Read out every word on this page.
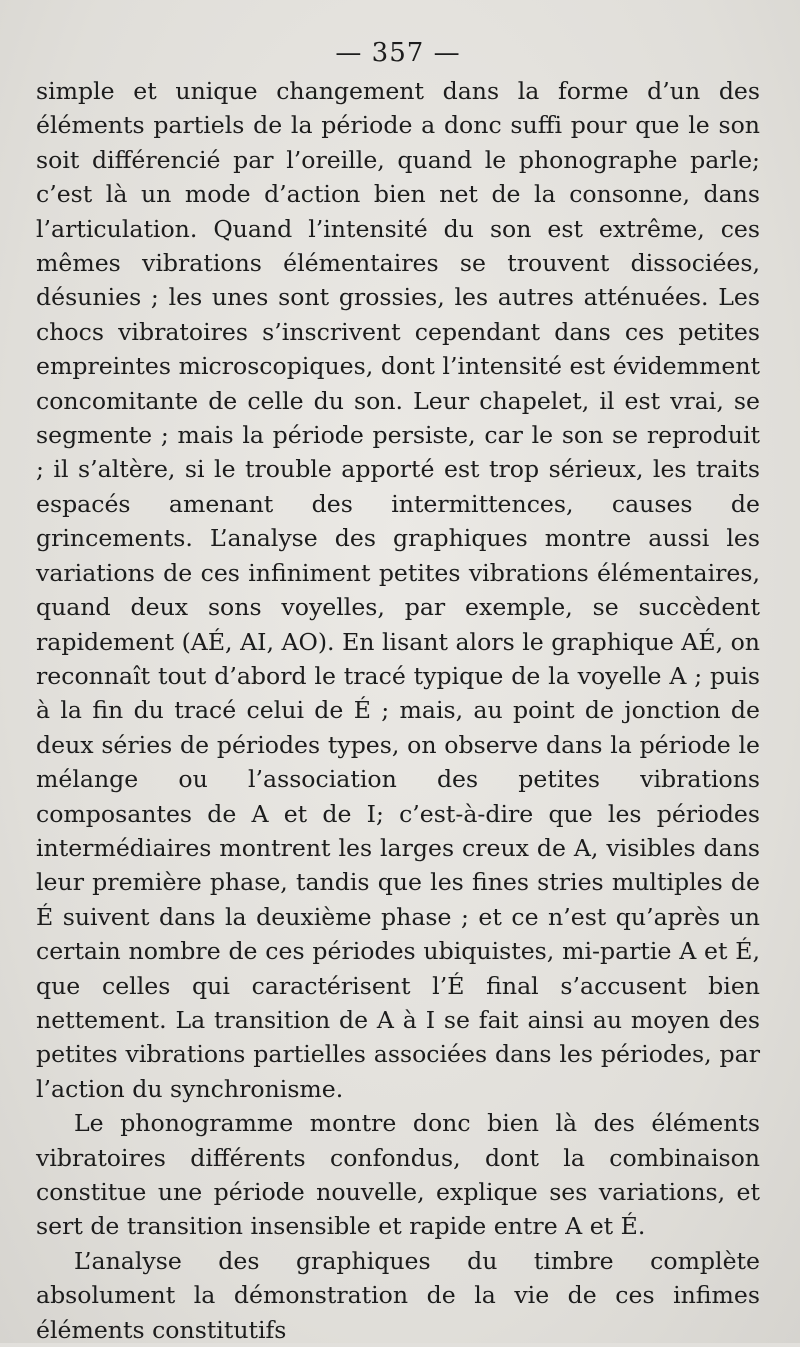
— 357 —

simple et unique changement dans la forme d’un des éléments partiels de la période a donc suffi pour que le son soit différencié par l’oreille, quand le phonographe parle; c’est là un mode d’action bien net de la consonne, dans l’articulation. Quand l’intensité du son est extrême, ces mêmes vibrations élémentaires se trouvent dissociées, désunies ; les unes sont grossies, les autres atténuées. Les chocs vibratoires s’inscrivent cependant dans ces petites empreintes microscopiques, dont l’intensité est évidemment concomitante de celle du son. Leur chapelet, il est vrai, se segmente ; mais la période persiste, car le son se reproduit ; il s’altère, si le trouble apporté est trop sérieux, les traits espacés amenant des intermittences, causes de grincements. L’analyse des graphiques montre aussi les variations de ces infiniment petites vibrations élémentaires, quand deux sons voyelles, par exemple, se succèdent rapidement (AÉ, AI, AO). En lisant alors le graphique AÉ, on reconnaît tout d’abord le tracé typique de la voyelle A ; puis à la fin du tracé celui de É ; mais, au point de jonction de deux séries de périodes types, on observe dans la période le mélange ou l’association des petites vibrations composantes de A et de I; c’est-à-dire que les périodes intermédiaires montrent les larges creux de A, visibles dans leur première phase, tandis que les fines stries multiples de É suivent dans la deuxième phase ; et ce n’est qu’après un certain nombre de ces périodes ubiquistes, mi-partie A et É, que celles qui caractérisent l’É final s’accusent bien nettement. La transition de A à I se fait ainsi au moyen des petites vibrations partielles associées dans les périodes, par l’action du synchronisme.

Le phonogramme montre donc bien là des éléments vibratoires différents confondus, dont la combinaison constitue une période nouvelle, explique ses variations, et sert de transition insensible et rapide entre A et É.

L’analyse des graphiques du timbre complète absolument la démonstration de la vie de ces infimes éléments constitutifs
